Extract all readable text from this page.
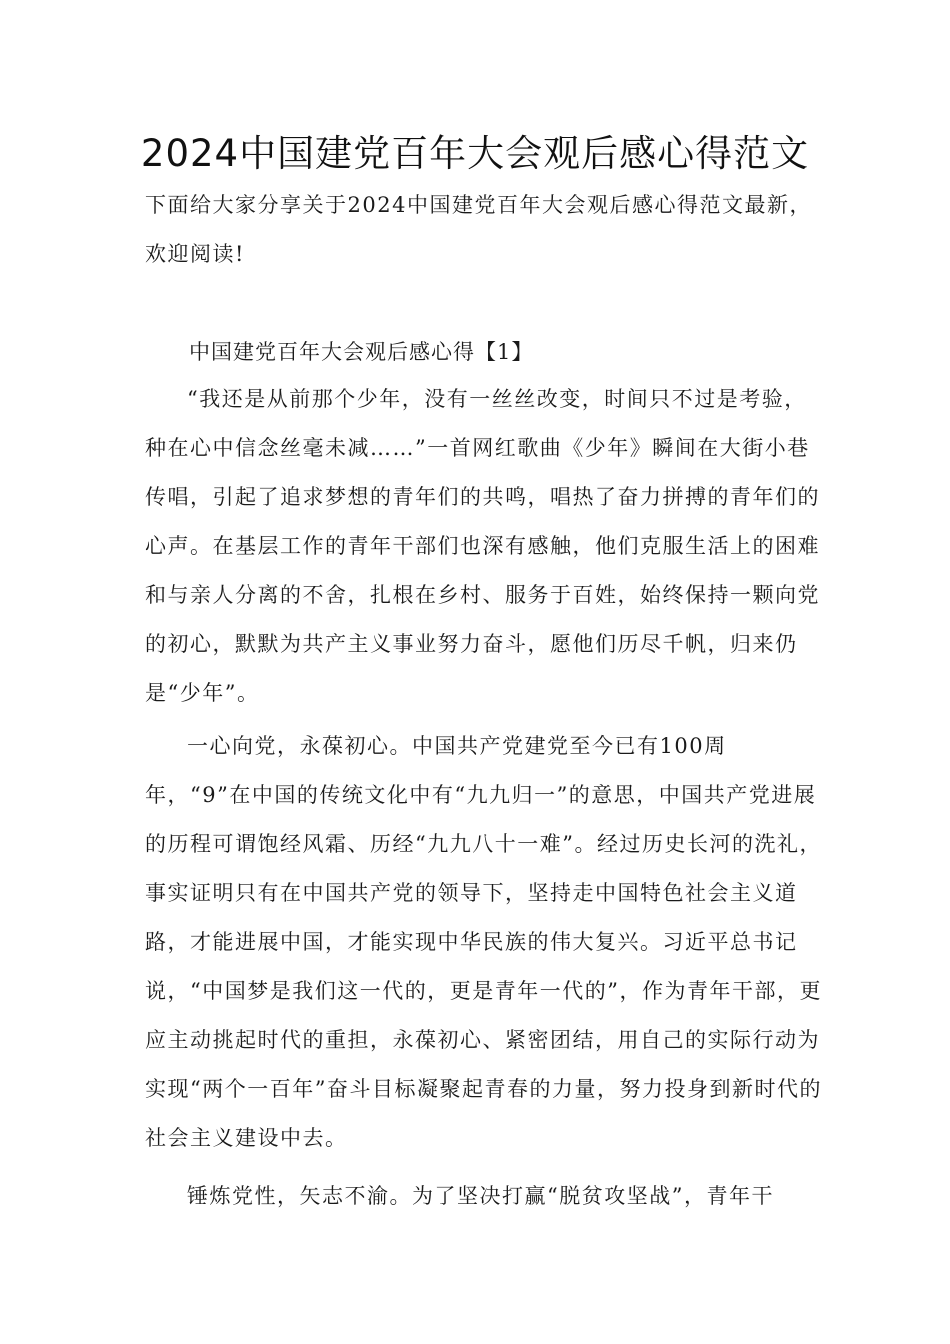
2024中国建党百年大会观后感心得范文

下面给大家分享关于2024中国建党百年大会观后感心得范文最新，欢迎阅读!

中国建党百年大会观后感心得【1】

“我还是从前那个少年，没有一丝丝改变，时间只不过是考验，种在心中信念丝毫未减……”一首网红歌曲《少年》瞬间在大街小巷传唱，引起了追求梦想的青年们的共鸣，唱热了奋力拼搏的青年们的心声。在基层工作的青年干部们也深有感触，他们克服生活上的困难和与亲人分离的不舍，扎根在乡村、服务于百姓，始终保持一颗向党的初心，默默为共产主义事业努力奋斗，愿他们历尽千帆，归来仍是“少年”。

一心向党，永葆初心。中国共产党建党至今已有100周年，“9”在中国的传统文化中有“九九归一”的意思，中国共产党进展的历程可谓饱经风霜、历经“九九八十一难”。经过历史长河的洗礼，事实证明只有在中国共产党的领导下，坚持走中国特色社会主义道路，才能进展中国，才能实现中华民族的伟大复兴。习近平总书记说，“中国梦是我们这一代的，更是青年一代的”，作为青年干部，更应主动挑起时代的重担，永葆初心、紧密团结，用自己的实际行动为实现“两个一百年”奋斗目标凝聚起青春的力量，努力投身到新时代的社会主义建设中去。

锤炼党性，矢志不渝。为了坚决打赢“脱贫攻坚战”，青年干
